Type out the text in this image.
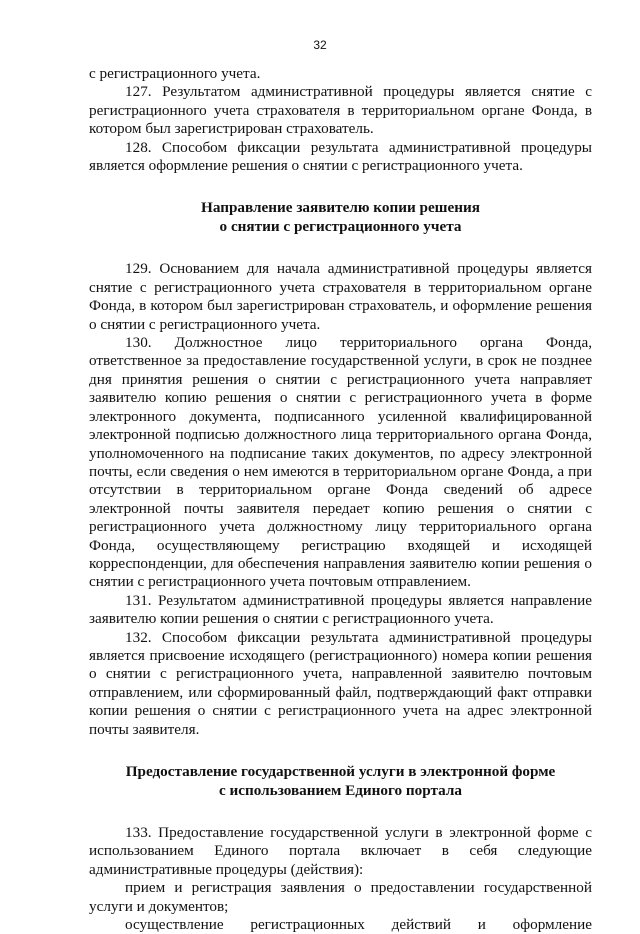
32

с регистрационного учета.

127. Результатом административной процедуры является снятие с регистрационного учета страхователя в территориальном органе Фонда, в котором был зарегистрирован страхователь.

128. Способом фиксации результата административной процедуры является оформление решения о снятии с регистрационного учета.

Направление заявителю копии решения
о снятии с регистрационного учета

129. Основанием для начала административной процедуры является снятие с регистрационного учета страхователя в территориальном органе Фонда, в котором был зарегистрирован страхователь, и оформление решения о снятии с регистрационного учета.

130. Должностное лицо территориального органа Фонда, ответственное за предоставление государственной услуги, в срок не позднее дня принятия решения о снятии с регистрационного учета направляет заявителю копию решения о снятии с регистрационного учета в форме электронного документа, подписанного усиленной квалифицированной электронной подписью должностного лица территориального органа Фонда, уполномоченного на подписание таких документов, по адресу электронной почты, если сведения о нем имеются в территориальном органе Фонда, а при отсутствии в территориальном органе Фонда сведений об адресе электронной почты заявителя передает копию решения о снятии с регистрационного учета должностному лицу территориального органа Фонда, осуществляющему регистрацию входящей и исходящей корреспонденции, для обеспечения направления заявителю копии решения о снятии с регистрационного учета почтовым отправлением.

131. Результатом административной процедуры является направление заявителю копии решения о снятии с регистрационного учета.

132. Способом фиксации результата административной процедуры является присвоение исходящего (регистрационного) номера копии решения о снятии с регистрационного учета, направленной заявителю почтовым отправлением, или сформированный файл, подтверждающий факт отправки копии решения о снятии с регистрационного учета на адрес электронной почты заявителя.

Предоставление государственной услуги в электронной форме
с использованием Единого портала

133. Предоставление государственной услуги в электронной форме с использованием Единого портала включает в себя следующие административные процедуры (действия):

прием и регистрация заявления о предоставлении государственной услуги и документов;

осуществление регистрационных действий и оформление
